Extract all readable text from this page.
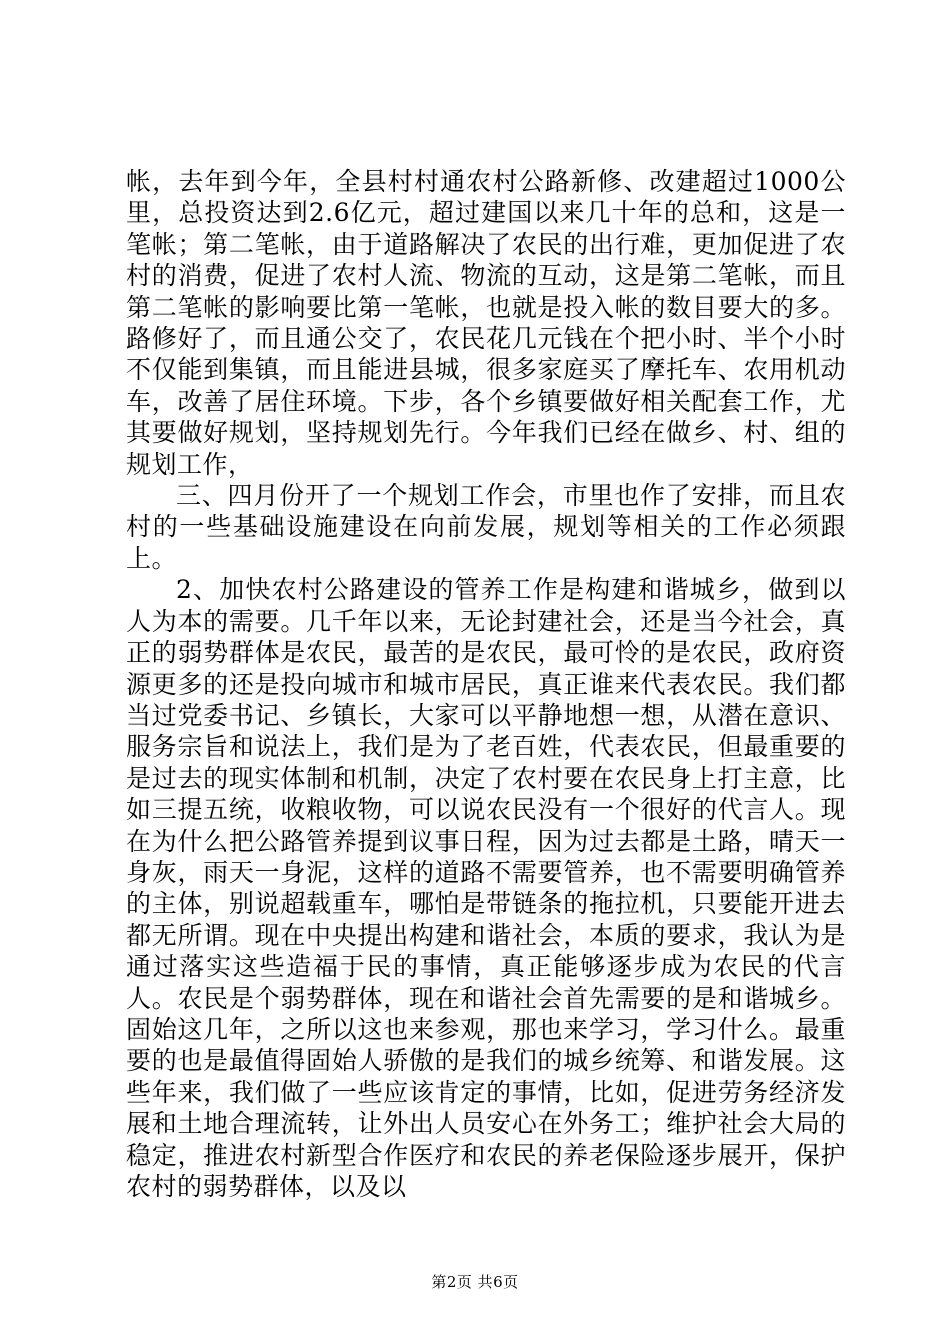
帐，去年到今年，全县村村通农村公路新修、改建超过1000公里，总投资达到2.6亿元，超过建国以来几十年的总和，这是一笔帐；第二笔帐，由于道路解决了农民的出行难，更加促进了农村的消费，促进了农村人流、物流的互动，这是第二笔帐，而且第二笔帐的影响要比第一笔帐，也就是投入帐的数目要大的多。路修好了，而且通公交了，农民花几元钱在个把小时、半个小时不仅能到集镇，而且能进县城，很多家庭买了摩托车、农用机动车，改善了居住环境。下步，各个乡镇要做好相关配套工作，尤其要做好规划，坚持规划先行。今年我们已经在做乡、村、组的规划工作，

三、四月份开了一个规划工作会，市里也作了安排，而且农村的一些基础设施建设在向前发展，规划等相关的工作必须跟上。

2、加快农村公路建设的管养工作是构建和谐城乡，做到以人为本的需要。几千年以来，无论封建社会，还是当今社会，真正的弱势群体是农民，最苦的是农民，最可怜的是农民，政府资源更多的还是投向城市和城市居民，真正谁来代表农民。我们都当过党委书记、乡镇长，大家可以平静地想一想，从潜在意识、服务宗旨和说法上，我们是为了老百姓，代表农民，但最重要的是过去的现实体制和机制，决定了农村要在农民身上打主意，比如三提五统，收粮收物，可以说农民没有一个很好的代言人。现在为什么把公路管养提到议事日程，因为过去都是土路，晴天一身灰，雨天一身泥，这样的道路不需要管养，也不需要明确管养的主体，别说超载重车，哪怕是带链条的拖拉机，只要能开进去都无所谓。现在中央提出构建和谐社会，本质的要求，我认为是通过落实这些造福于民的事情，真正能够逐步成为农民的代言人。农民是个弱势群体，现在和谐社会首先需要的是和谐城乡。固始这几年，之所以这也来参观，那也来学习，学习什么。最重要的也是最值得固始人骄傲的是我们的城乡统筹、和谐发展。这些年来，我们做了一些应该肯定的事情，比如，促进劳务经济发展和土地合理流转，让外出人员安心在外务工；维护社会大局的稳定，推进农村新型合作医疗和农民的养老保险逐步展开，保护农村的弱势群体，以及以

第2页 共6页
